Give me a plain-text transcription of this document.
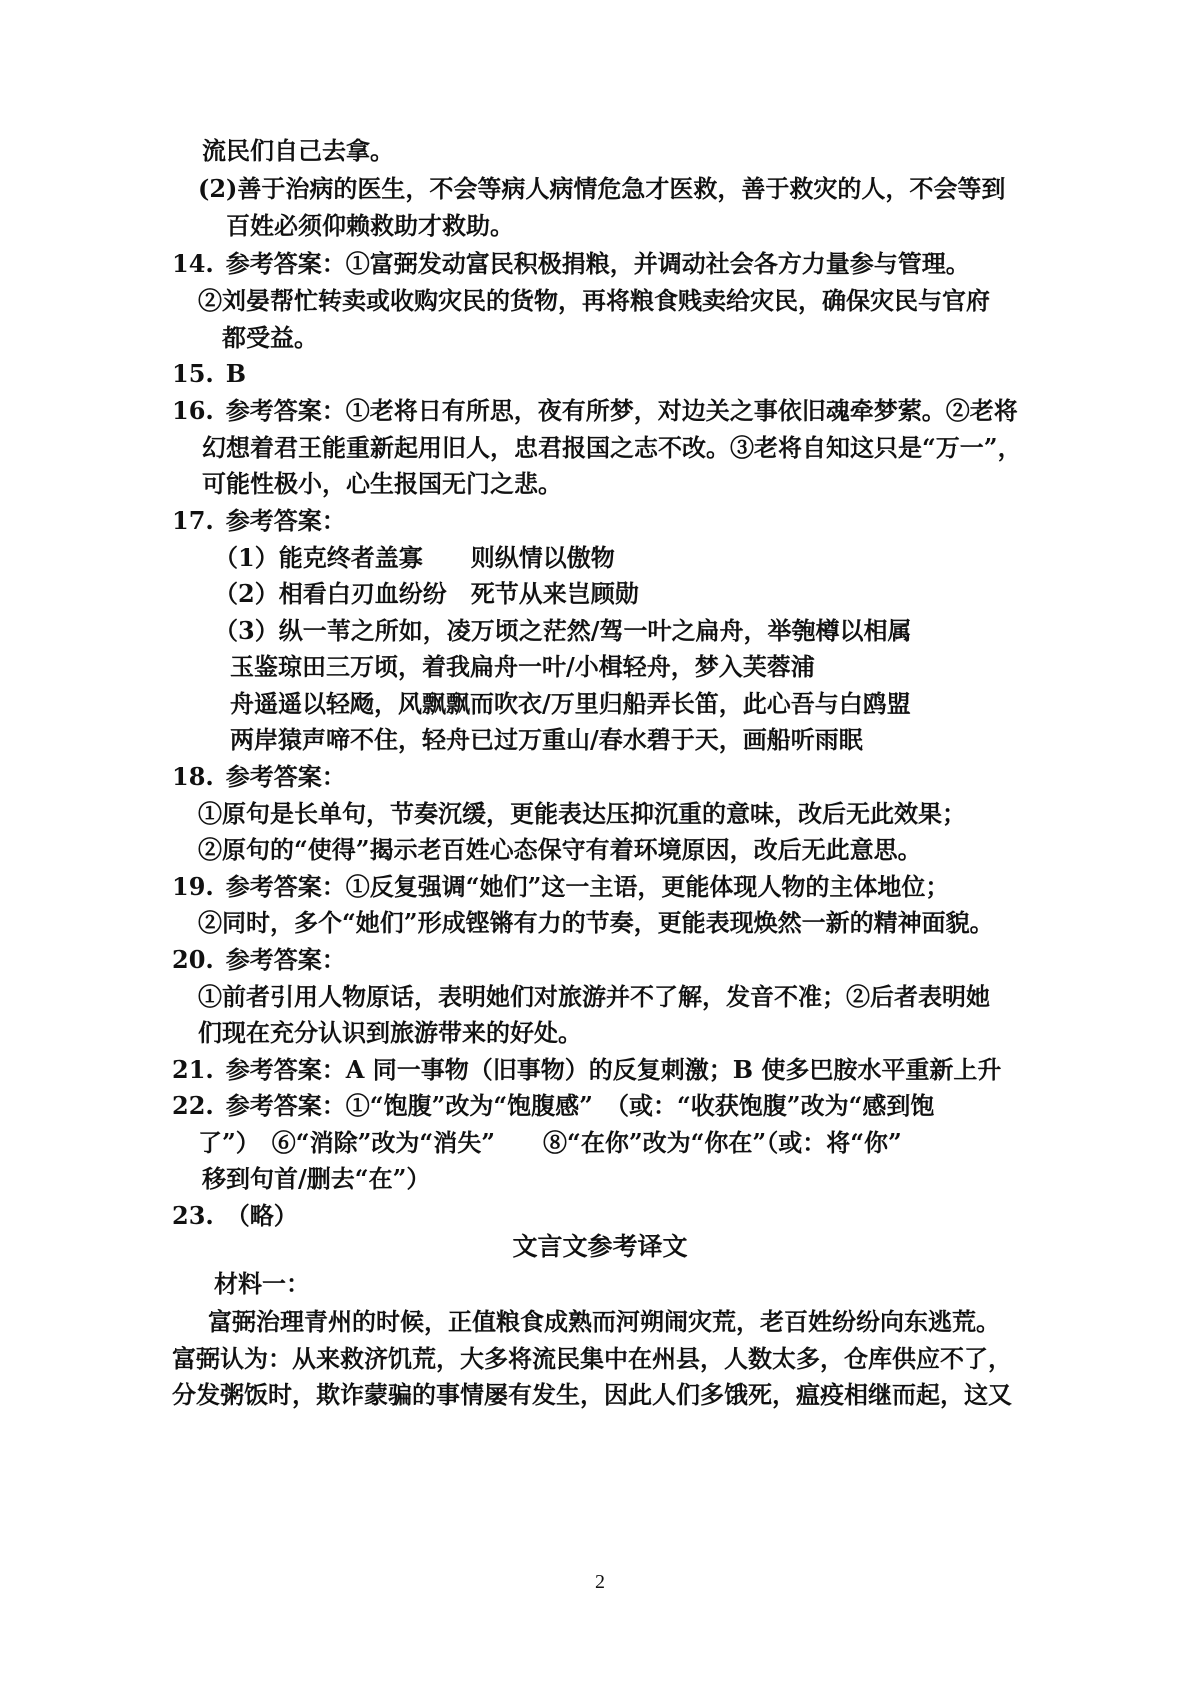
流民们自己去拿。
(2)善于治病的医生，不会等病人病情危急才医救，善于救灾的人，不会等到
百姓必须仰赖救助才救助。
14. 参考答案：①富弼发动富民积极捐粮，并调动社会各方力量参与管理。
②刘晏帮忙转卖或收购灾民的货物，再将粮食贱卖给灾民，确保灾民与官府
都受益。
15. B
16. 参考答案：①老将日有所思，夜有所梦，对边关之事依旧魂牵梦萦。②老将
幻想着君王能重新起用旧人，忠君报国之志不改。③老将自知这只是“万一”，
可能性极小，心生报国无门之悲。
17. 参考答案：
（1）能克终者盖寡　　则纵情以傲物
（2）相看白刃血纷纷　死节从来岂顾勋
（3）纵一苇之所如，凌万顷之茫然/驾一叶之扁舟，举匏樽以相属
玉鉴琼田三万顷，着我扁舟一叶/小楫轻舟，梦入芙蓉浦
舟遥遥以轻飏，风飘飘而吹衣/万里归船弄长笛，此心吾与白鸥盟
两岸猿声啼不住，轻舟已过万重山/春水碧于天，画船听雨眠
18. 参考答案：
①原句是长单句，节奏沉缓，更能表达压抑沉重的意味，改后无此效果；
②原句的“使得”揭示老百姓心态保守有着环境原因，改后无此意思。
19. 参考答案：①反复强调“她们”这一主语，更能体现人物的主体地位；
②同时，多个“她们”形成铿锵有力的节奏，更能表现焕然一新的精神面貌。
20. 参考答案：
①前者引用人物原话，表明她们对旅游并不了解，发音不准；②后者表明她
们现在充分认识到旅游带来的好处。
21. 参考答案：A 同一事物（旧事物）的反复刺激；B 使多巴胺水平重新上升
22. 参考答案：①“饱腹”改为“饱腹感”　（或：“收获饱腹”改为“感到饱
了”）　⑥“消除”改为“消失”　　⑧“在你”改为“你在”（或：将“你”
移到句首/删去“在”）
23. （略）
文言文参考译文
材料一：
富弼治理青州的时候，正值粮食成熟而河朔闹灾荒，老百姓纷纷向东逃荒。
富弼认为：从来救济饥荒，大多将流民集中在州县，人数太多，仓库供应不了，
分发粥饭时，欺诈蒙骗的事情屡有发生，因此人们多饿死，瘟疫相继而起，这又
2
